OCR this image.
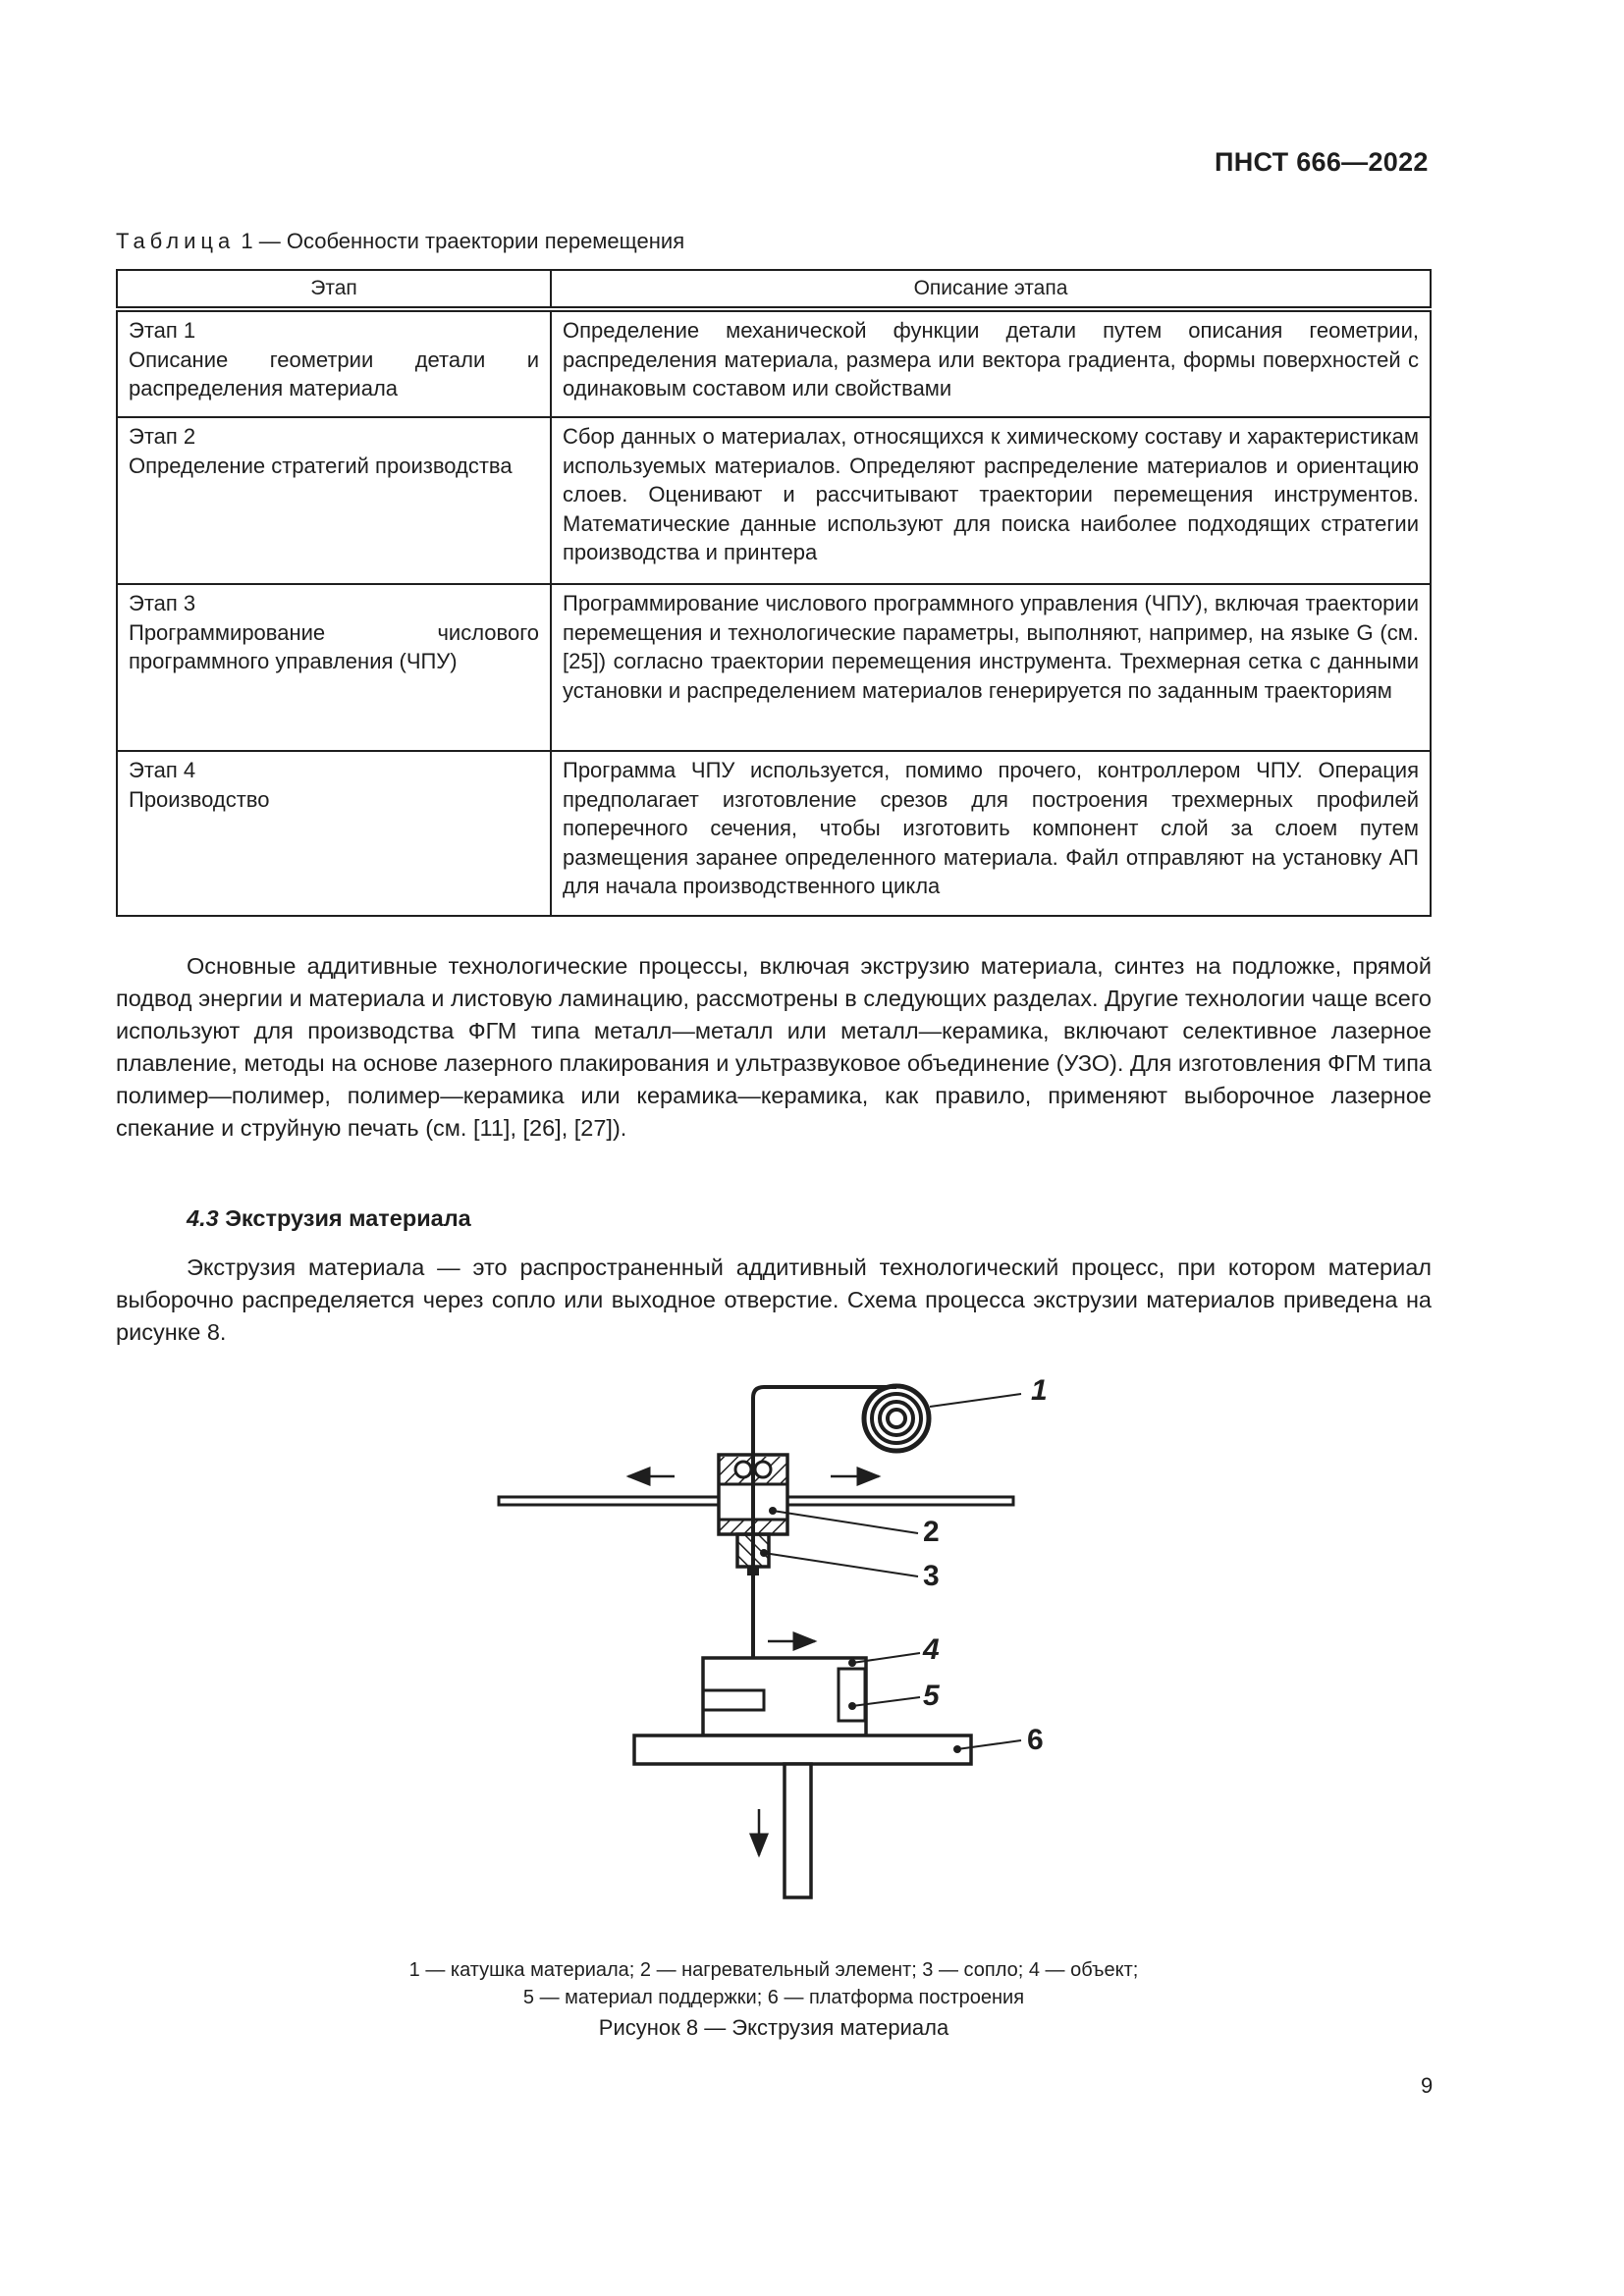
ПНСТ 666—2022
Таблица 1 — Особенности траектории перемещения
Этап	Описание этапа

Этап 1
Описание геометрии детали и распределения материала	Определение механической функции детали путем описания геометрии, распределения материала, размера или вектора градиента, формы поверхностей с одинаковым составом или свойствами

Этап 2
Определение стратегий производства	Сбор данных о материалах, относящихся к химическому составу и характеристикам используемых материалов. Определяют распределение материалов и ориентацию слоев. Оценивают и рассчитывают траектории перемещения инструментов. Математические данные используют для поиска наиболее подходящих стратегии производства и принтера

Этап 3
Программирование числового программного управления (ЧПУ)	Программирование числового программного управления (ЧПУ), включая траектории перемещения и технологические параметры, выполняют, например, на языке G (см. [25]) согласно траектории перемещения инструмента. Трехмерная сетка с данными установки и распределением материалов генерируется по заданным траекториям

Этап 4
Производство	Программа ЧПУ используется, помимо прочего, контроллером ЧПУ. Операция предполагает изготовление срезов для построения трехмерных профилей поперечного сечения, чтобы изготовить компонент слой за слоем путем размещения заранее определенного материала. Файл отправляют на установку АП для начала производственного цикла
Основные аддитивные технологические процессы, включая экструзию материала, синтез на подложке, прямой подвод энергии и материала и листовую ламинацию, рассмотрены в следующих разделах. Другие технологии чаще всего используют для производства ФГМ типа металл—металл или металл—керамика, включают селективное лазерное плавление, методы на основе лазерного плакирования и ультразвуковое объединение (УЗО). Для изготовления ФГМ типа полимер—полимер, полимер—керамика или керамика—керамика, как правило, применяют выборочное лазерное спекание и струйную печать (см. [11], [26], [27]).
4.3 Экструзия материала
Экструзия материала — это распространенный аддитивный технологический процесс, при котором материал выборочно распределяется через сопло или выходное отверстие. Схема процесса экструзии материалов приведена на рисунке 8.
1
2
3
4
5
6
1 — катушка материала; 2 — нагревательный элемент; 3 — сопло; 4 — объект;
5 — материал поддержки; 6 — платформа построения
Рисунок 8 — Экструзия материала
9
